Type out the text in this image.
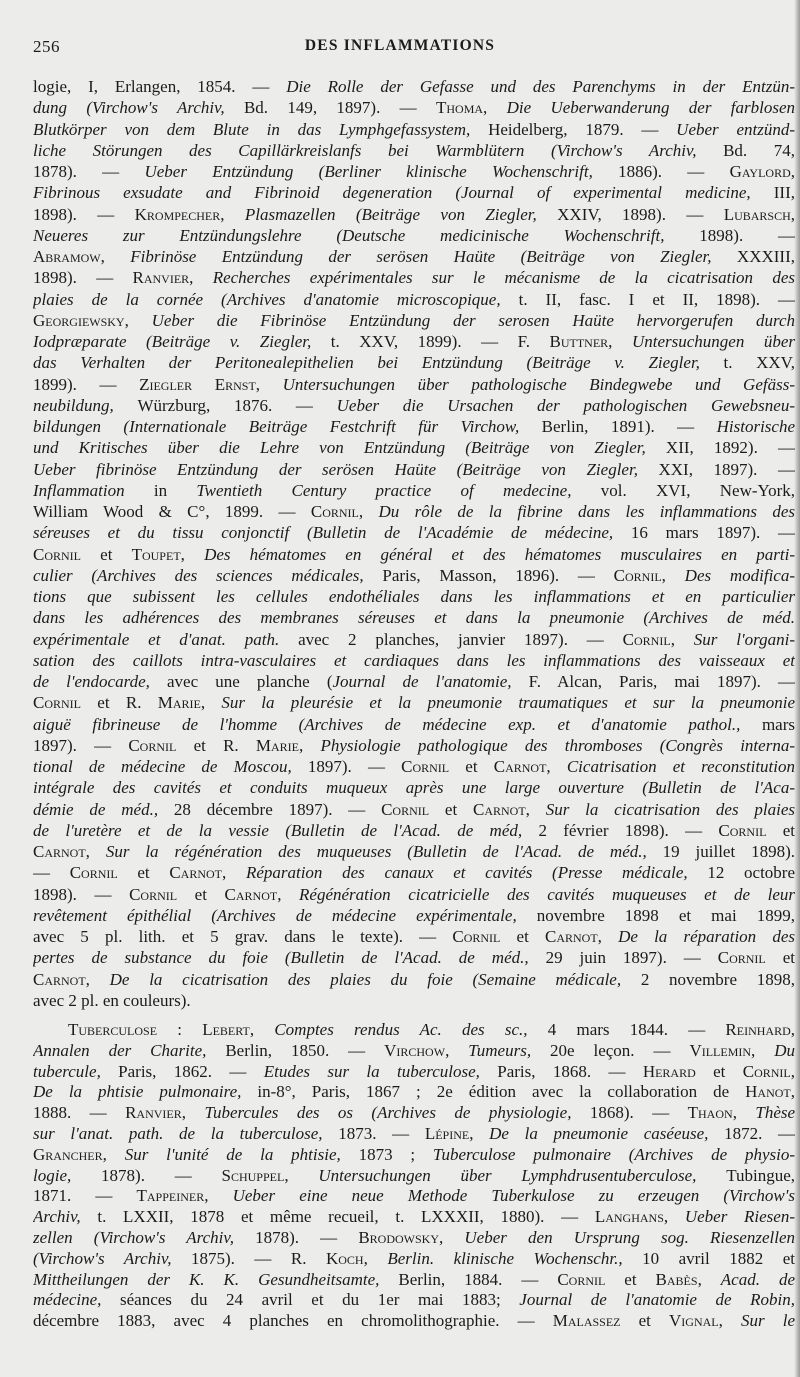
256	DES INFLAMMATIONS
logie, I, Erlangen, 1854. — Die Rolle der Gefasse und des Parenchyms in der Entzün-
dung (Virchow's Archiv, Bd. 149, 1897). — Thoma, Die Ueberwanderung der farblosen
Blutkörper von dem Blute in das Lymphgefassystem, Heidelberg, 1879. — Ueber entzünd-
liche Störungen des Capillärkreislanfs bei Warmblütern (Virchow's Archiv, Bd. 74,
1878). — Ueber Entzündung (Berliner klinische Wochenschrift, 1886). — Gaylord,
Fibrinous exsudate and Fibrinoid degeneration (Journal of experimental medicine, III,
1898). — Krompecher, Plasmazellen (Beiträge von Ziegler, XXIV, 1898). — Lubarsch,
Neueres zur Entzündungslehre (Deutsche medicinische Wochenschrift, 1898). —
Abramow, Fibrinöse Entzündung der serösen Haüte (Beiträge von Ziegler, XXXIII,
1898). — Ranvier, Recherches expérimentales sur le mécanisme de la cicatrisation des
plaies de la cornée (Archives d'anatomie microscopique, t. II, fasc. I et II, 1898). —
Georgiewsky, Ueber die Fibrinöse Entzündung der serosen Haüte hervorgerufen durch
Iodpræparate (Beiträge v. Ziegler, t. XXV, 1899). — F. Buttner, Untersuchungen über
das Verhalten der Peritonealepithelien bei Entzündung (Beiträge v. Ziegler, t. XXV,
1899). — Ziegler Ernst, Untersuchungen über pathologische Bindegwebe und Gefäss-
neubildung, Würzburg, 1876. — Ueber die Ursachen der pathologischen Gewebsneu-
bildungen (Internationale Beiträge Festchrift für Virchow, Berlin, 1891). — Historische
und Kritisches über die Lehre von Entzündung (Beiträge von Ziegler, XII, 1892). —
Ueber fibrinöse Entzündung der serösen Haüte (Beiträge von Ziegler, XXI, 1897). —
Inflammation in Twentieth Century practice of medecine, vol. XVI, New-York,
William Wood & C°, 1899. — Cornil, Du rôle de la fibrine dans les inflammations des
séreuses et du tissu conjonctif (Bulletin de l'Académie de médecine, 16 mars 1897). —
Cornil et Toupet, Des hématomes en général et des hématomes musculaires en parti-
culier (Archives des sciences médicales, Paris, Masson, 1896). — Cornil, Des modifica-
tions que subissent les cellules endothéliales dans les inflammations et en particulier
dans les adhérences des membranes séreuses et dans la pneumonie (Archives de méd.
expérimentale et d'anat. path. avec 2 planches, janvier 1897). — Cornil, Sur l'organi-
sation des caillots intra-vasculaires et cardiaques dans les inflammations des vaisseaux et
de l'endocarde, avec une planche (Journal de l'anatomie, F. Alcan, Paris, mai 1897). —
Cornil et R. Marie, Sur la pleurésie et la pneumonie traumatiques et sur la pneumonie
aiguë fibrineuse de l'homme (Archives de médecine exp. et d'anatomie pathol., mars
1897). — Cornil et R. Marie, Physiologie pathologique des thromboses (Congrès interna-
tional de médecine de Moscou, 1897). — Cornil et Carnot, Cicatrisation et reconstitution
intégrale des cavités et conduits muqueux après une large ouverture (Bulletin de l'Aca-
démie de méd., 28 décembre 1897). — Cornil et Carnot, Sur la cicatrisation des plaies
de l'uretère et de la vessie (Bulletin de l'Acad. de méd, 2 février 1898). — Cornil et
Carnot, Sur la régénération des muqueuses (Bulletin de l'Acad. de méd., 19 juillet 1898).
— Cornil et Carnot, Réparation des canaux et cavités (Presse médicale, 12 octobre
1898). — Cornil et Carnot, Régénération cicatricielle des cavités muqueuses et de leur
revêtement épithélial (Archives de médecine expérimentale, novembre 1898 et mai 1899,
avec 5 pl. lith. et 5 grav. dans le texte). — Cornil et Carnot, De la réparation des
pertes de substance du foie (Bulletin de l'Acad. de méd., 29 juin 1897). — Cornil et
Carnot, De la cicatrisation des plaies du foie (Semaine médicale, 2 novembre 1898,
avec 2 pl. en couleurs).
Tuberculose : Lebert, Comptes rendus Ac. des sc., 4 mars 1844. — Reinhard,
Annalen der Charite, Berlin, 1850. — Virchow, Tumeurs, 20e leçon. — Villemin, Du
tubercule, Paris, 1862. — Etudes sur la tuberculose, Paris, 1868. — Herard et Cornil,
De la phtisie pulmonaire, in-8°, Paris, 1867 ; 2e édition avec la collaboration de Hanot,
1888. — Ranvier, Tubercules des os (Archives de physiologie, 1868). — Thaon, Thèse
sur l'anat. path. de la tuberculose, 1873. — Lépine, De la pneumonie caséeuse, 1872. —
Grancher, Sur l'unité de la phtisie, 1873 ; Tuberculose pulmonaire (Archives de physio-
logie, 1878). — Schuppel, Untersuchungen über Lymphdrusentuberculose, Tubingue,
1871. — Tappeiner, Ueber eine neue Methode Tuberkulose zu erzeugen (Virchow's
Archiv, t. LXXII, 1878 et même recueil, t. LXXXII, 1880). — Langhans, Ueber Riesen-
zellen (Virchow's Archiv, 1878). — Brodowsky, Ueber den Ursprung sog. Riesenzellen
(Virchow's Archiv, 1875). — R. Koch, Berlin. klinische Wochenschr., 10 avril 1882 et
Mittheilungen der K. K. Gesundheitsamte, Berlin, 1884. — Cornil et Babès, Acad. de
médecine, séances du 24 avril et du 1er mai 1883; Journal de l'anatomie de Robin,
décembre 1883, avec 4 planches en chromolithographie. — Malassez et Vignal, Sur le
